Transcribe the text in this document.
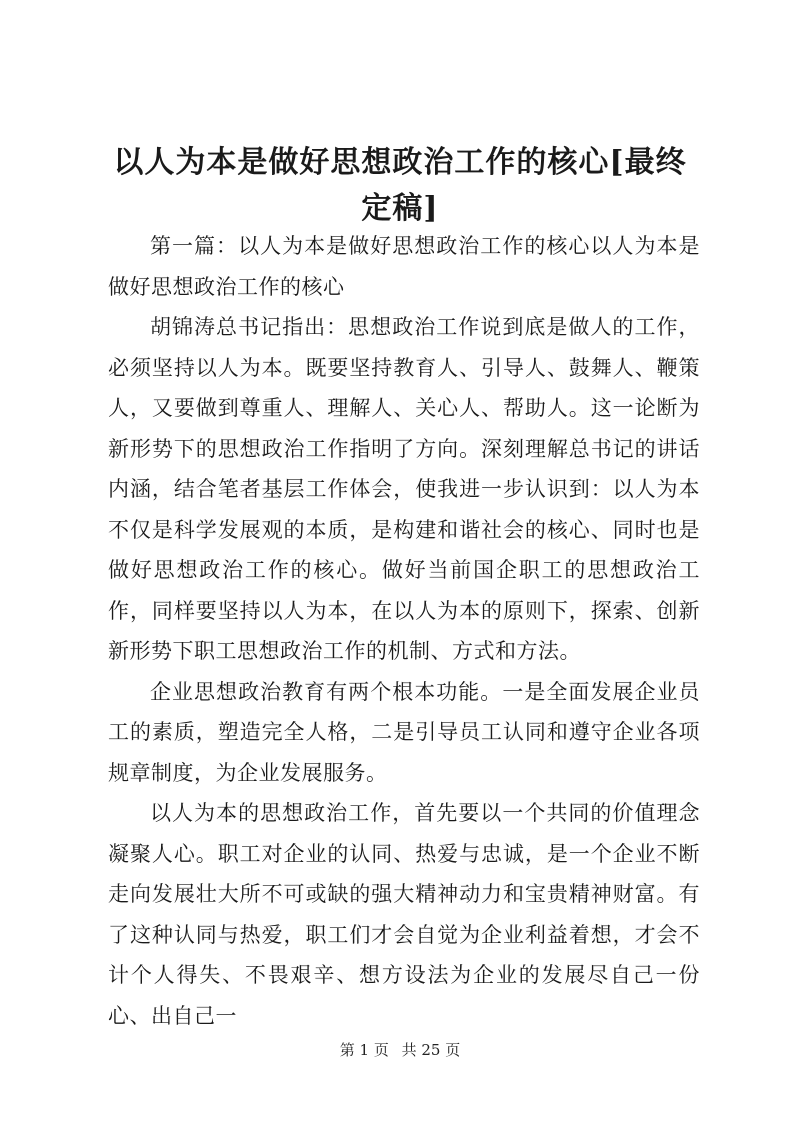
以人为本是做好思想政治工作的核心[最终定稿]

第一篇：以人为本是做好思想政治工作的核心以人为本是做好思想政治工作的核心

胡锦涛总书记指出：思想政治工作说到底是做人的工作，必须坚持以人为本。既要坚持教育人、引导人、鼓舞人、鞭策人，又要做到尊重人、理解人、关心人、帮助人。这一论断为新形势下的思想政治工作指明了方向。深刻理解总书记的讲话内涵，结合笔者基层工作体会，使我进一步认识到：以人为本不仅是科学发展观的本质，是构建和谐社会的核心、同时也是做好思想政治工作的核心。做好当前国企职工的思想政治工作，同样要坚持以人为本，在以人为本的原则下，探索、创新新形势下职工思想政治工作的机制、方式和方法。

企业思想政治教育有两个根本功能。一是全面发展企业员工的素质，塑造完全人格，二是引导员工认同和遵守企业各项规章制度，为企业发展服务。

以人为本的思想政治工作，首先要以一个共同的价值理念凝聚人心。职工对企业的认同、热爱与忠诚，是一个企业不断走向发展壮大所不可或缺的强大精神动力和宝贵精神财富。有了这种认同与热爱，职工们才会自觉为企业利益着想，才会不计个人得失、不畏艰辛、想方设法为企业的发展尽自己一份心、出自己一

第 1 页 共 25 页
